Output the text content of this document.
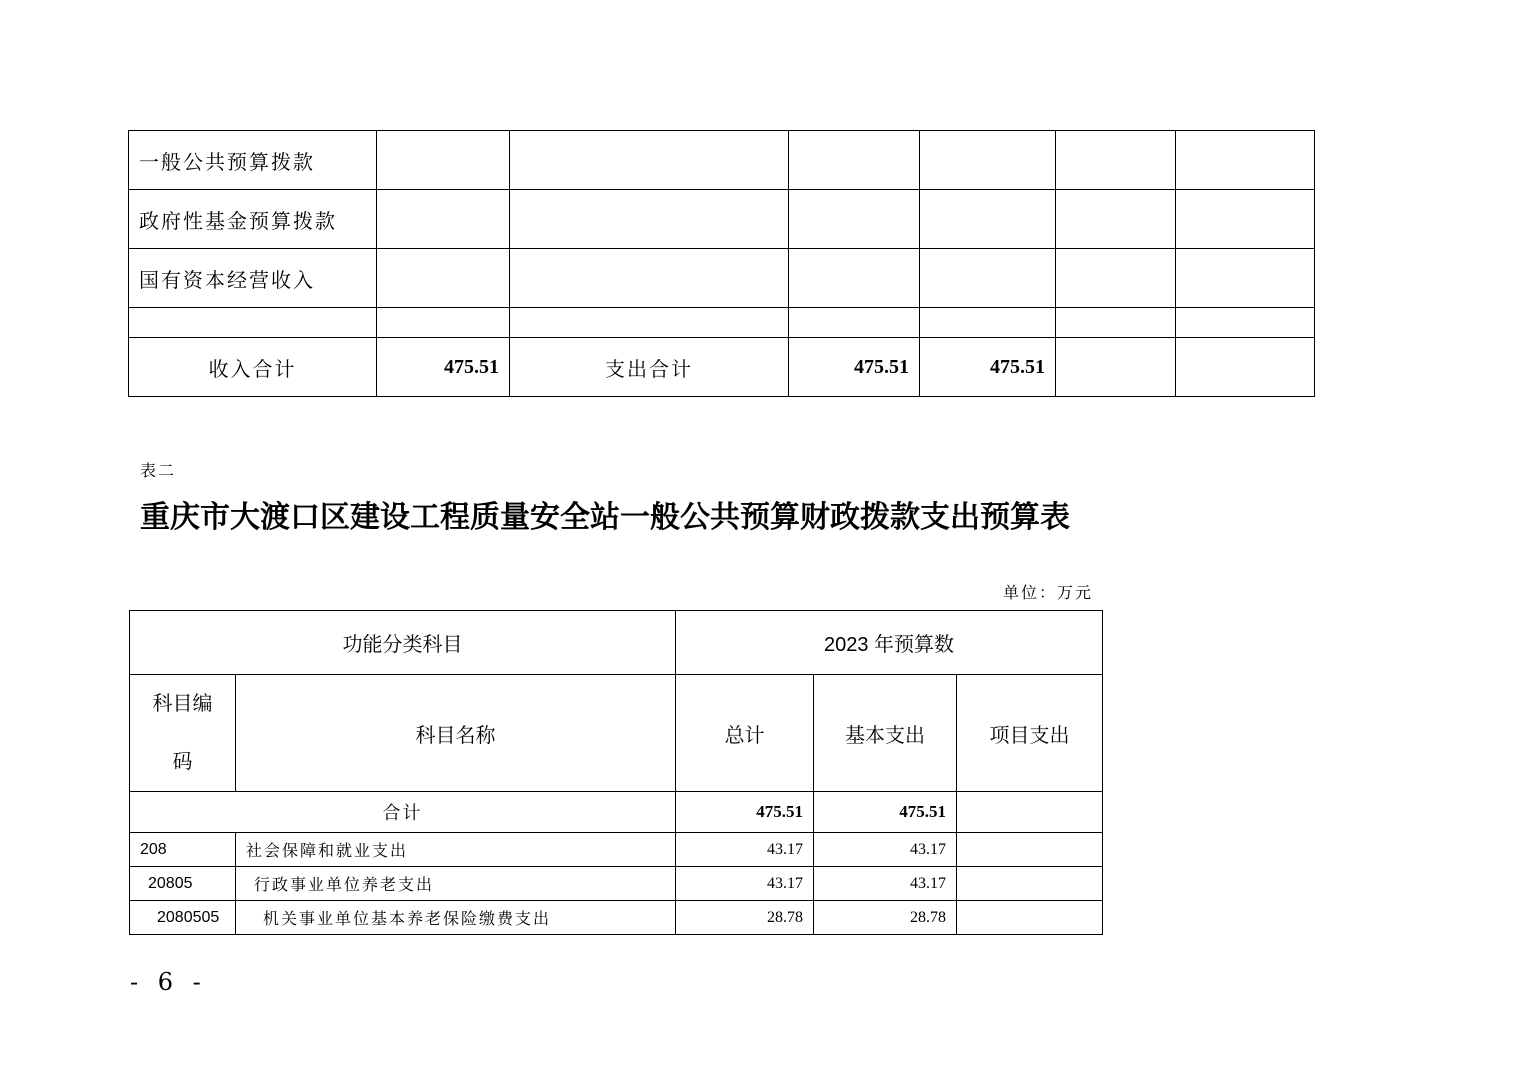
一般公共预算拨款						
政府性基金预算拨款						
国有资本经营收入						

收入合计	475.51	支出合计	475.51	475.51		
表二
重庆市大渡口区建设工程质量安全站一般公共预算财政拨款支出预算表
单位：万元
功能分类科目		2023 年预算数		

科目编
码	科目名称	总计	基本支出	项目支出
合计		475.51	475.51	
208	社会保障和就业支出	43.17	43.17	
20805	行政事业单位养老支出	43.17	43.17	
2080505	机关事业单位基本养老保险缴费支出	28.78	28.78	
- 6 -
